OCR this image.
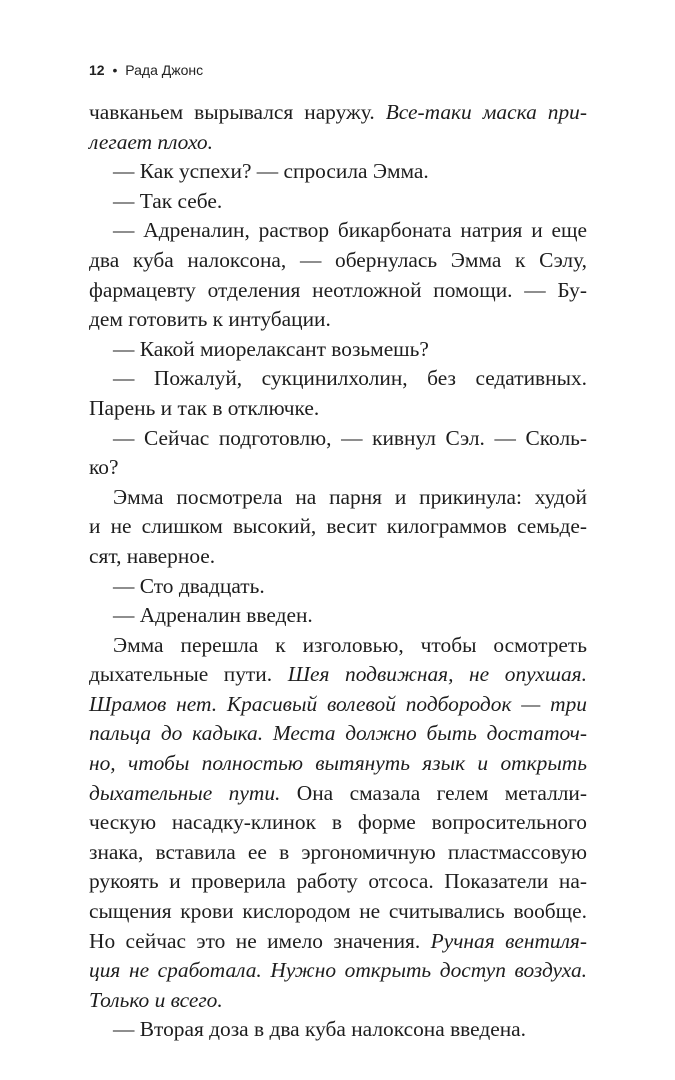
12 • Рада Джонс
чавканьем вырывался наружу. Все-таки маска при-
легает плохо.
— Как успехи? — спросила Эмма.
— Так себе.
— Адреналин, раствор бикарбоната натрия и еще
два куба налоксона, — обернулась Эмма к Сэлу,
фармацевту отделения неотложной помощи. — Бу-
дем готовить к интубации.
— Какой миорелаксант возьмешь?
— Пожалуй, сукцинилхолин, без седативных.
Парень и так в отключке.
— Сейчас подготовлю, — кивнул Сэл. — Сколь-
ко?
Эмма посмотрела на парня и прикинула: худой
и не слишком высокий, весит килограммов семьде-
сят, наверное.
— Сто двадцать.
— Адреналин введен.
Эмма перешла к изголовью, чтобы осмотреть
дыхательные пути. Шея подвижная, не опухшая.
Шрамов нет. Красивый волевой подбородок — три
пальца до кадыка. Места должно быть достаточ-
но, чтобы полностью вытянуть язык и открыть
дыхательные пути. Она смазала гелем металли-
ческую насадку-клинок в форме вопросительного
знака, вставила ее в эргономичную пластмассовую
рукоять и проверила работу отсоса. Показатели на-
сыщения крови кислородом не считывались вообще.
Но сейчас это не имело значения. Ручная вентиля-
ция не сработала. Нужно открыть доступ воздуха.
Только и всего.
— Вторая доза в два куба налоксона введена.
